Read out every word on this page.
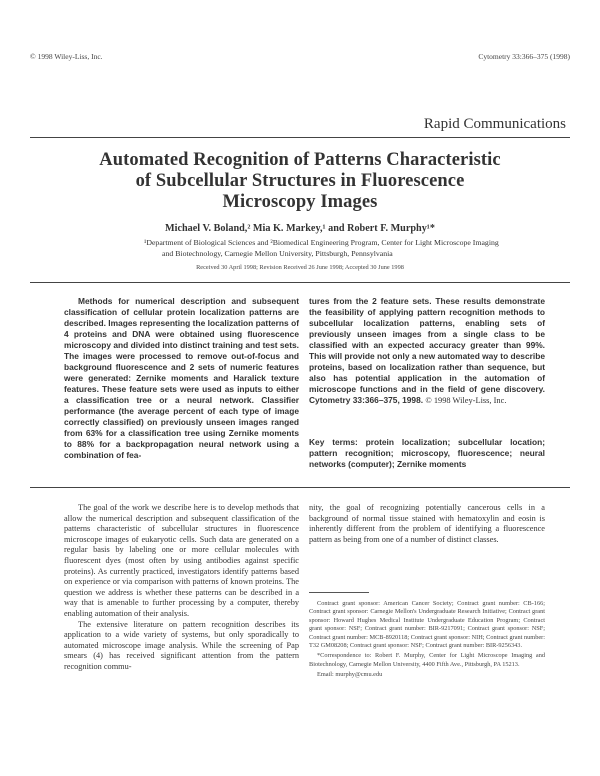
© 1998 Wiley-Liss, Inc.	Cytometry 33:366–375 (1998)
Rapid Communications
Automated Recognition of Patterns Characteristic
of Subcellular Structures in Fluorescence
Microscopy Images
Michael V. Boland,² Mia K. Markey,¹ and Robert F. Murphy¹*
¹Department of Biological Sciences and ²Biomedical Engineering Program, Center for Light Microscope Imaging
and Biotechnology, Carnegie Mellon University, Pittsburgh, Pennsylvania
Received 30 April 1998; Revision Received 26 June 1998; Accepted 30 June 1998

Methods for numerical description and subsequent classification of cellular protein localization patterns are described. Images representing the localization patterns of 4 proteins and DNA were obtained using fluorescence microscopy and divided into distinct training and test sets. The images were processed to remove out-of-focus and background fluorescence and 2 sets of numeric features were generated: Zernike moments and Haralick texture features. These feature sets were used as inputs to either a classification tree or a neural network. Classifier performance (the average percent of each type of image correctly classified) on previously unseen images ranged from 63% for a classification tree using Zernike moments to 88% for a backpropagation neural network using a combination of fea-

tures from the 2 feature sets. These results demonstrate the feasibility of applying pattern recognition methods to subcellular localization patterns, enabling sets of previously unseen images from a single class to be classified with an expected accuracy greater than 99%. This will provide not only a new automated way to describe proteins, based on localization rather than sequence, but also has potential application in the automation of microscope functions and in the field of gene discovery. Cytometry 33:366–375, 1998. © 1998 Wiley-Liss, Inc.

Key terms: protein localization; subcellular location; pattern recognition; microscopy, fluorescence; neural networks (computer); Zernike moments

The goal of the work we describe here is to develop methods that allow the numerical description and subsequent classification of the patterns characteristic of subcellular structures in fluorescence microscope images of eukaryotic cells. Such data are generated on a regular basis by labeling one or more cellular molecules with fluorescent dyes (most often by using antibodies against specific proteins). As currently practiced, investigators identify patterns based on experience or via comparison with patterns of known proteins. The question we address is whether these patterns can be described in a way that is amenable to further processing by a computer, thereby enabling automation of their analysis.

The extensive literature on pattern recognition describes its application to a wide variety of systems, but only sporadically to automated microscope image analysis. While the screening of Pap smears (4) has received significant attention from the pattern recognition commu-

nity, the goal of recognizing potentially cancerous cells in a background of normal tissue stained with hematoxylin and eosin is inherently different from the problem of identifying a fluorescence pattern as being from one of a number of distinct classes.

Contract grant sponsor: American Cancer Society; Contract grant number: CB-166; Contract grant sponsor: Carnegie Mellon's Undergraduate Research Initiative; Contract grant sponsor: Howard Hughes Medical Institute Undergraduate Education Program; Contract grant sponsor: NSF; Contract grant number: BIR-9217091; Contract grant sponsor: NSF; Contract grant number: MCB-8920118; Contract grant sponsor: NIH; Contract grant number: T32 GM08208; Contract grant sponsor: NSF; Contract grant number: BIR-9256343.

*Correspondence to: Robert F. Murphy, Center for Light Microscope Imaging and Biotechnology, Carnegie Mellon University, 4400 Fifth Ave., Pittsburgh, PA 15213.

Email: murphy@cmu.edu
